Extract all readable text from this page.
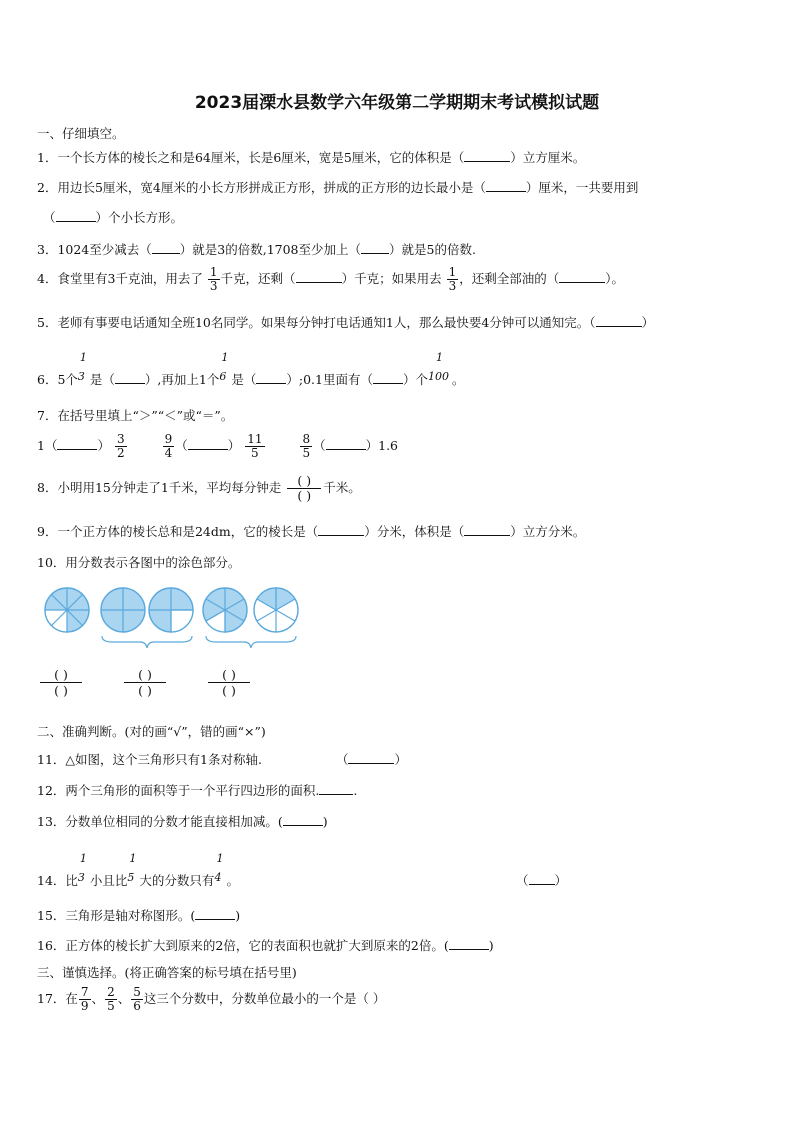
2023届溧水县数学六年级第二学期期末考试模拟试题
一、仔细填空。
1．一个长方体的棱长之和是64厘米，长是6厘米，宽是5厘米，它的体积是（	）立方厘米。
2．用边长5厘米，宽4厘米的小长方形拼成正方形，拼成的正方形的边长最小是（	）厘米，一共要用到
（	）个小长方形。
3．1024至少减去（ ）就是3的倍数,1708至少加上（ ）就是5的倍数.
4．食堂里有3千克油，用去了 $\frac{1}{3}$ 千克，还剩（	）千克；如果用去 $\frac{1}{3}$ ，还剩全部油的（	）。
5．老师有事要电话通知全班10名同学。如果每分钟打电话通知1人，那么最快要4分钟可以通知完。（	）
6．5个
1
3 是（ ）,再加上1个
1
6 是（ ）;0.1里面有（ ）个
1
100 。
7．在括号里填上“＞”“＜”或“＝”。
1（	） $\frac{3}{2}$
	$\frac{9}{4}$ （	） $\frac{11}{5}$
	$\frac{8}{5}$ （	）1.6
8．小明用15分钟走了1千米，平均每分钟走 ( )
( )
千米。
9．一个正方体的棱长总和是24dm，它的棱长是（	）分米，体积是（	）立方分米。
10．用分数表示各图中的涂色部分。
( )
( )
( )
( )
( )
( )
二、准确判断。(对的画“√”，错的画“×”)
11．△如图，这个三角形只有1条对称轴.	（	）
12．两个三角形的面积等于一个平行四边形的面积.	.
13．分数单位相同的分数才能直接相加减。(	)
14．比
1
3 小且比
1
5 大的分数只有
1
4 。	（ ）
15．三角形是轴对称图形。(	)
16．正方体的棱长扩大到原来的2倍，它的表面积也就扩大到原来的2倍。(	)
三、谨慎选择。(将正确答案的标号填在括号里)
17．在 $\frac{7}{9}$ 、 $\frac{2}{5}$ 、 $\frac{5}{6}$ 这三个分数中，分数单位最小的一个是（ ）
